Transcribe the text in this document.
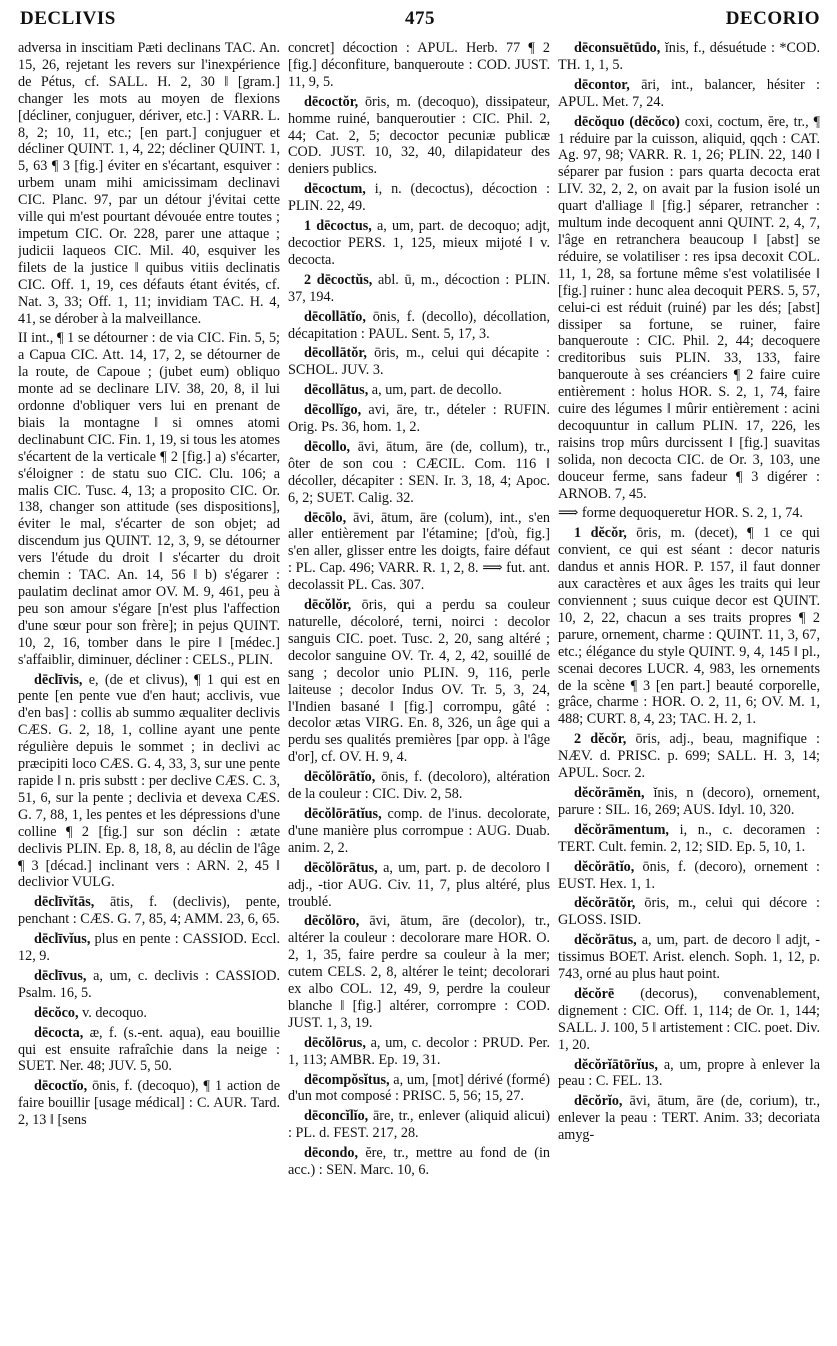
DECLIVIS	475	DECORIO

adversa in inscitiam Pæti declinans TAC. An. 15, 26, rejetant les revers sur l'inexpérience de Pétus, cf. SALL. H. 2, 30 ‖ [gram.] changer les mots au moyen de flexions [décliner, conjuguer, dériver, etc.] : VARR. L. 8, 2; 10, 11, etc.; [en part.] conjuguer et décliner QUINT. 1, 4, 22; décliner QUINT. 1, 5, 63 ¶ 3 [fig.] éviter en s'écartant, esquiver : urbem unam mihi amicissimam declinavi CIC. Planc. 97, par un détour j'évitai cette ville qui m'est pourtant dévouée entre toutes ; impetum CIC. Or. 228, parer une attaque ; judicii laqueos CIC. Mil. 40, esquiver les filets de la justice ‖ quibus vitiis declinatis CIC. Off. 1, 19, ces défauts étant évités, cf. Nat. 3, 33; Off. 1, 11; invidiam TAC. H. 4, 41, se dérober à la malveillance.

II int., ¶ 1 se détourner : de via CIC. Fin. 5, 5; a Capua CIC. Att. 14, 17, 2, se détourner de la route, de Capoue ; (jubet eum) obliquo monte ad se declinare LIV. 38, 20, 8, il lui ordonne d'obliquer vers lui en prenant de biais la montagne ‖ si omnes atomi declinabunt CIC. Fin. 1, 19, si tous les atomes s'écartent de la verticale ¶ 2 [fig.] a) s'écarter, s'éloigner : de statu suo CIC. Clu. 106; a malis CIC. Tusc. 4, 13; a proposito CIC. Or. 138, changer son attitude (ses dispositions], éviter le mal, s'écarter de son objet; ad discendum jus QUINT. 12, 3, 9, se détourner vers l'étude du droit ‖ s'écarter du droit chemin : TAC. An. 14, 56 ‖ b) s'égarer : paulatim declinat amor OV. M. 9, 461, peu à peu son amour s'égare [n'est plus l'affection d'une sœur pour son frère]; in pejus QUINT. 10, 2, 16, tomber dans le pire ‖ [médec.] s'affaiblir, diminuer, décliner : CELS., PLIN.

dēclīvis, e, (de et clivus), ¶ 1 qui est en pente [en pente vue d'en haut; acclivis, vue d'en bas] : collis ab summo æqualiter declivis CÆS. G. 2, 18, 1, colline ayant une pente régulière depuis le sommet ; in declivi ac præcipiti loco CÆS. G. 4, 33, 3, sur une pente rapide ‖ n. pris substt : per declive CÆS. C. 3, 51, 6, sur la pente ; declivia et devexa CÆS. G. 7, 88, 1, les pentes et les dépressions d'une colline ¶ 2 [fig.] sur son déclin : ætate declivis PLIN. Ep. 8, 18, 8, au déclin de l'âge ¶ 3 [décad.] inclinant vers : ARN. 2, 45 ‖ declivior VULG.

dēclīvĭtās, ātis, f. (declivis), pente, penchant : CÆS. G. 7, 85, 4; AMM. 23, 6, 65.

dēclīvĭus, plus en pente : CASSIOD. Eccl. 12, 9.

dēclīvus, a, um, c. declivis : CASSIOD. Psalm. 16, 5.

dēcŏco, v. decoquo.

dēcocta, æ, f. (s.-ent. aqua), eau bouillie qui est ensuite rafraîchie dans la neige : SUET. Ner. 48; JUV. 5, 50.

dēcoctĭo, ōnis, f. (decoquo), ¶ 1 action de faire bouillir [usage médical] : C. AUR. Tard. 2, 13 ‖ [sens

concret] décoction : APUL. Herb. 77 ¶ 2 [fig.] déconfiture, banqueroute : COD. JUST. 11, 9, 5.

dēcoctŏr, ōris, m. (decoquo), dissipateur, homme ruiné, banqueroutier : CIC. Phil. 2, 44; Cat. 2, 5; decoctor pecuniæ publicæ COD. JUST. 10, 32, 40, dilapidateur des deniers publics.

dēcoctum, i, n. (decoctus), décoction : PLIN. 22, 49.

1 dēcoctus, a, um, part. de decoquo; adjt, decoctior PERS. 1, 125, mieux mijoté ‖ v. decocta.

2 dēcoctŭs, abl. ū, m., décoction : PLIN. 37, 194.

dēcollātĭo, ōnis, f. (decollo), décollation, décapitation : PAUL. Sent. 5, 17, 3.

dēcollātŏr, ōris, m., celui qui décapite : SCHOL. JUV. 3.

dēcollātus, a, um, part. de decollo.

dēcollĭgo, avi, āre, tr., dételer : RUFIN. Orig. Ps. 36, hom. 1, 2.

dēcollo, āvi, ātum, āre (de, collum), tr., ôter de son cou : CÆCIL. Com. 116 ‖ décoller, décapiter : SEN. Ir. 3, 18, 4; Apoc. 6, 2; SUET. Calig. 32.

dēcōlo, āvi, ātum, āre (colum), int., s'en aller entièrement par l'étamine; [d'où, fig.] s'en aller, glisser entre les doigts, faire défaut : PL. Cap. 496; VARR. R. 1, 2, 8. ⟹ fut. ant. decolassit PL. Cas. 307.

dēcŏlŏr, ōris, qui a perdu sa couleur naturelle, décoloré, terni, noirci : decolor sanguis CIC. poet. Tusc. 2, 20, sang altéré ; decolor sanguine OV. Tr. 4, 2, 42, souillé de sang ; decolor unio PLIN. 9, 116, perle laiteuse ; decolor Indus OV. Tr. 5, 3, 24, l'Indien basané ‖ [fig.] corrompu, gâté : decolor ætas VIRG. En. 8, 326, un âge qui a perdu ses qualités premières [par opp. à l'âge d'or], cf. OV. H. 9, 4.

dēcŏlōrātĭo, ōnis, f. (decoloro), altération de la couleur : CIC. Div. 2, 58.

dēcŏlōrātĭus, comp. de l'inus. decolorate, d'une manière plus corrompue : AUG. Duab. anim. 2, 2.

dēcŏlōrātus, a, um, part. p. de decoloro ‖ adj., -tior AUG. Civ. 11, 7, plus altéré, plus troublé.

dēcŏlōro, āvi, ātum, āre (decolor), tr., altérer la couleur : decolorare mare HOR. O. 2, 1, 35, faire perdre sa couleur à la mer; cutem CELS. 2, 8, altérer le teint; decolorari ex albo COL. 12, 49, 9, perdre la couleur blanche ‖ [fig.] altérer, corrompre : COD. JUST. 1, 3, 19.

dēcŏlōrus, a, um, c. decolor : PRUD. Per. 1, 113; AMBR. Ep. 19, 31.

dēcompŏsĭtus, a, um, [mot] dérivé (formé) d'un mot composé : PRISC. 5, 56; 15, 27.

dēconcĭlĭo, āre, tr., enlever (aliquid alicui) : PL. d. FEST. 217, 28.

dēcondo, ĕre, tr., mettre au fond de (in acc.) : SEN. Marc. 10, 6.

dēconsuētūdo, ĭnis, f., désuétude : *COD. TH. 1, 1, 5.

dēcontor, āri, int., balancer, hésiter : APUL. Met. 7, 24.

dēcŏquo (dēcŏco) coxi, coctum, ĕre, tr., ¶ 1 réduire par la cuisson, aliquid, qqch : CAT. Ag. 97, 98; VARR. R. 1, 26; PLIN. 22, 140 ‖ séparer par fusion : pars quarta decocta erat LIV. 32, 2, 2, on avait par la fusion isolé un quart d'alliage ‖ [fig.] séparer, retrancher : multum inde decoquent anni QUINT. 2, 4, 7, l'âge en retranchera beaucoup ‖ [abst] se réduire, se volatiliser : res ipsa decoxit COL. 11, 1, 28, sa fortune même s'est volatilisée ‖ [fig.] ruiner : hunc alea decoquit PERS. 5, 57, celui-ci est réduit (ruiné) par les dés; [abst] dissiper sa fortune, se ruiner, faire banqueroute : CIC. Phil. 2, 44; decoquere creditoribus suis PLIN. 33, 133, faire banqueroute à ses créanciers ¶ 2 faire cuire entièrement : holus HOR. S. 2, 1, 74, faire cuire des légumes ‖ mûrir entièrement : acini decoquuntur in callum PLIN. 17, 226, les raisins trop mûrs durcissent ‖ [fig.] suavitas solida, non decocta CIC. de Or. 3, 103, une douceur ferme, sans fadeur ¶ 3 digérer : ARNOB. 7, 45.

⟹ forme dequoqueretur HOR. S. 2, 1, 74.

1 dĕcŏr, ōris, m. (decet), ¶ 1 ce qui convient, ce qui est séant : decor naturis dandus et annis HOR. P. 157, il faut donner aux caractères et aux âges les traits qui leur conviennent ; suus cuique decor est QUINT. 10, 2, 22, chacun a ses traits propres ¶ 2 parure, ornement, charme : QUINT. 11, 3, 67, etc.; élégance du style QUINT. 9, 4, 145 ‖ pl., scenai decores LUCR. 4, 983, les ornements de la scène ¶ 3 [en part.] beauté corporelle, grâce, charme : HOR. O. 2, 11, 6; OV. M. 1, 488; CURT. 8, 4, 23; TAC. H. 2, 1.

2 dĕcŏr, ōris, adj., beau, magnifique : NÆV. d. PRISC. p. 699; SALL. H. 3, 14; APUL. Socr. 2.

dĕcŏrāmĕn, ĭnis, n (decoro), ornement, parure : SIL. 16, 269; AUS. Idyl. 10, 320.

dĕcŏrāmentum, i, n., c. decoramen : TERT. Cult. femin. 2, 12; SID. Ep. 5, 10, 1.

dĕcŏrātĭo, ōnis, f. (decoro), ornement : EUST. Hex. 1, 1.

dĕcŏrātŏr, ōris, m., celui qui décore : GLOSS. ISID.

dĕcŏrātus, a, um, part. de decoro ‖ adjt, -tissimus BOET. Arist. elench. Soph. 1, 12, p. 743, orné au plus haut point.

dĕcŏrē (decorus), convenablement, dignement : CIC. Off. 1, 114; de Or. 1, 144; SALL. J. 100, 5 ‖ artistement : CIC. poet. Div. 1, 20.

dĕcŏrĭātōrĭus, a, um, propre à enlever la peau : C. FEL. 13.

dēcŏrĭo, āvi, ātum, āre (de, corium), tr., enlever la peau : TERT. Anim. 33; decoriata amyg-
